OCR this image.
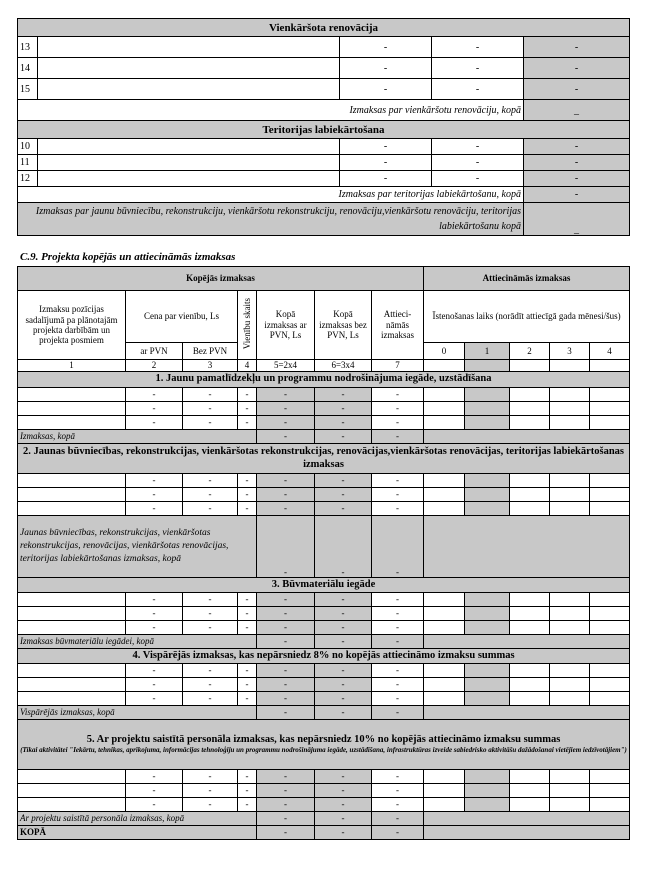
Vienkāršota renovācija				
13		-	-	-
14		-	-	-
15		-	-	-
Izmaksas par vienkāršotu renovāciju, kopā				_
Teritorijas labiekārtošana				
10		-	-	-
11		-	-	-
12		-	-	-
Izmaksas par teritorijas labiekārtošanu, kopā	-
Izmaksas par jaunu būvniecību, rekonstrukciju, vienkāršotu rekonstrukciju, renovāciju,vienkāršotu renovāciju, teritorijas labiekārtošanu kopā				_
C.9. Projekta kopējās un attiecināmās izmaksas
Kopējās izmaksas							Attiecināmās izmaksas				
Izmaksu pozīcijas sadalījumā pa plānotajām projekta darbībām un projekta posmiem	Cena par vienību, Ls		Vienību skaits	Kopā izmaksas ar PVN, Ls	Kopā izmaksas bez PVN, Ls	Attieci-nāmās izmaksas	Īstenošanas laiks (norādīt attiecīgā gada mēnesi/šus)				
	ar PVN	Bez PVN					0	1	2	3	4
1	2	3	4	5=2x4	6=3x4	7					
1. Jaunu pamatlīdzekļu un programmu nodrošinājuma iegāde, uzstādīšana											
	-	-	-	-	-	-					
	-	-	-	-	-	-					
	-	-	-	-	-	-					
Izmaksas, kopā	-	-	-	
2. Jaunas būvniecības, rekonstrukcijas, vienkāršotas rekonstrukcijas, renovācijas,vienkāršotas renovācijas, teritorijas labiekārtošanas izmaksas											
	-	-	-	-	-	-					
	-	-	-	-	-	-					
	-	-	-	-	-	-					
Jaunas būvniecības, rekonstrukcijas, vienkāršotas rekonstrukcijas, renovācijas, vienkāršotas renovācijas, teritorijas labiekārtošanas izmaksas, kopā				-	-	-					
3. Būvmateriālu iegāde											
	-	-	-	-	-	-					
	-	-	-	-	-	-					
	-	-	-	-	-	-					
Izmaksas būvmateriālu iegādei, kopā	-	-	-	
4. Vispārējās izmaksas, kas nepārsniedz 8% no kopējās attiecināmo izmaksu summas											
	-	-	-	-	-	-					
	-	-	-	-	-	-					
	-	-	-	-	-	-					
Vispārējās izmaksas, kopā	-	-	-	

5. Ar projektu saistītā personāla izmaksas, kas nepārsniedz 10% no kopējās attiecināmo izmaksu summas
(Tikai aktivitātei "Iekārtu, tehnikas, aprīkojuma, informācijas tehnoloģiju un programmu nodrošinājuma iegāde, uzstādīšana, infrastruktūras izveide sabiedrisko aktivitāšu dažādošanai vietējiem iedzīvotājiem")											

	-	-	-	-	-	-					
	-	-	-	-	-	-					
	-	-	-	-	-	-					
Ar projektu saistītā personāla izmaksas, kopā	-	-	-	
KOPĀ	-	-	-	
